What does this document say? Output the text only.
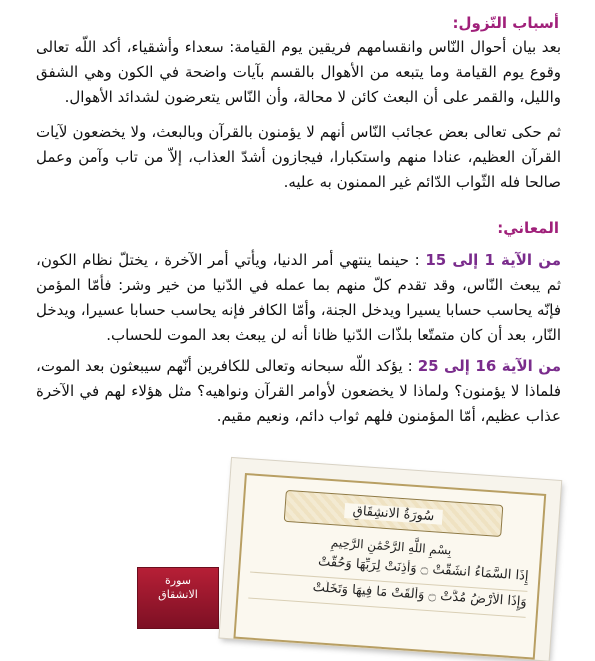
أسباب النّزول:

بعد بيان أحوال النّاس وانقسامهم فريقين يوم القيامة: سعداء وأشقياء، أكد اللّه تعالى وقوع يوم القيامة وما يتبعه من الأهوال بالقسم بآيات واضحة في الكون وهي الشفق والليل، والقمر على أن البعث كائن لا محالة، وأن النّاس يتعرضون لشدائد الأهوال.

ثم حكى تعالى بعض عجائب النّاس أنهم لا يؤمنون بالقرآن وبالبعث، ولا يخضعون لآيات القرآن العظيم، عنادا منهم واستكبارا، فيجازون أشدّ العذاب، إلاّ من تاب وآمن وعمل صالحا فله الثّواب الدّائم غير الممنون به عليه.

المعاني:

من الآية 1 إلى 15 : حينما ينتهي أمر الدنيا، ويأتي أمر الآخرة ، يختلّ نظام الكون، ثم يبعث النّاس، وقد تقدم كلّ منهم بما عمله في الدّنيا من خير وشر: فأمّا المؤمن فإنّه يحاسب حسابا يسيرا ويدخل الجنة، وأمّا الكافر فإنه يحاسب حسابا عسيرا، ويدخل النّار، بعد أن كان متمتّعا بلذّات الدّنيا ظانا أنه لن يبعث بعد الموت للحساب.

من الآية 16 إلى 25 : يؤكد اللّه سبحانه وتعالى للكافرين أنّهم سيبعثون بعد الموت، فلماذا لا يؤمنون؟ ولماذا لا يخضعون لأوامر القرآن ونواهيه؟ مثل هؤلاء لهم في الآخرة عذاب عظيم، أمّا المؤمنون فلهم ثواب دائم، ونعيم مقيم.

سُورَةُ الانشِقَاقِ
بِسْمِ اللَّهِ الرَّحْمَٰنِ الرَّحِيمِ
إِذَا السَّمَاءُ انشَقَّتْ ۝ وَأَذِنَتْ لِرَبِّهَا وَحُقَّتْ
وَإِذَا الْأَرْضُ مُدَّتْ ۝ وَأَلْقَتْ مَا فِيهَا وَتَخَلَّتْ
سورة
الانشقاق
